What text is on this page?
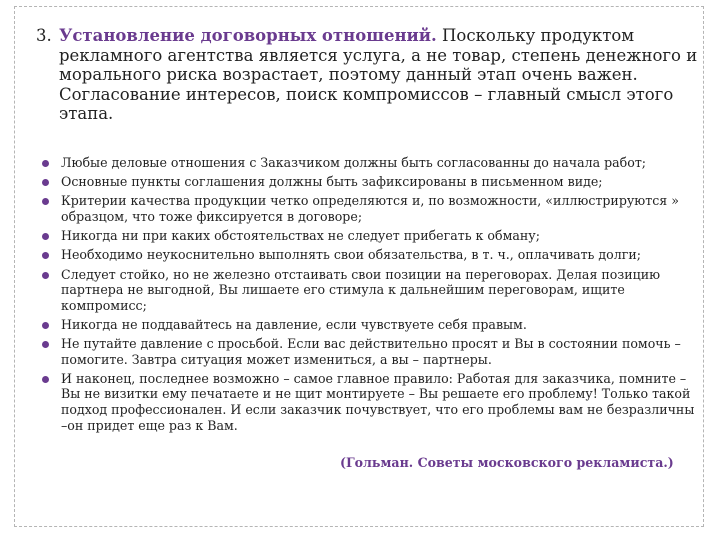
3. Установление договорных отношений. Поскольку продуктом рекламного агентства является услуга, а не товар, степень денежного и морального риска возрастает, поэтому данный этап очень важен. Согласование интересов, поиск компромиссов – главный смысл этого этапа.

Любые деловые отношения с Заказчиком должны быть согласованны до начала работ;
Основные пункты соглашения должны быть зафиксированы в письменном виде;
Критерии качества продукции четко определяются и, по возможности, «иллюстрируются » образцом, что тоже фиксируется в договоре;
Никогда ни при каких обстоятельствах не следует прибегать к обману;
Необходимо неукоснительно выполнять свои обязательства, в т. ч., оплачивать долги;
Следует стойко, но не железно отстаивать свои позиции на переговорах. Делая позицию партнера не выгодной, Вы лишаете его стимула к дальнейшим переговорам, ищите компромисс;
Никогда не поддавайтесь на давление, если чувствуете себя правым.
Не путайте давление с просьбой. Если вас действительно просят и Вы в состоянии помочь – помогите. Завтра ситуация может измениться, а вы – партнеры.
И наконец, последнее возможно – самое главное правило: Работая для заказчика, помните – Вы не визитки ему печатаете и не щит монтируете – Вы решаете его проблему! Только такой подход профессионален. И если заказчик почувствует, что его проблемы вам не безразличны –он придет еще раз к Вам.
(Гольман. Советы московского рекламиста.)
